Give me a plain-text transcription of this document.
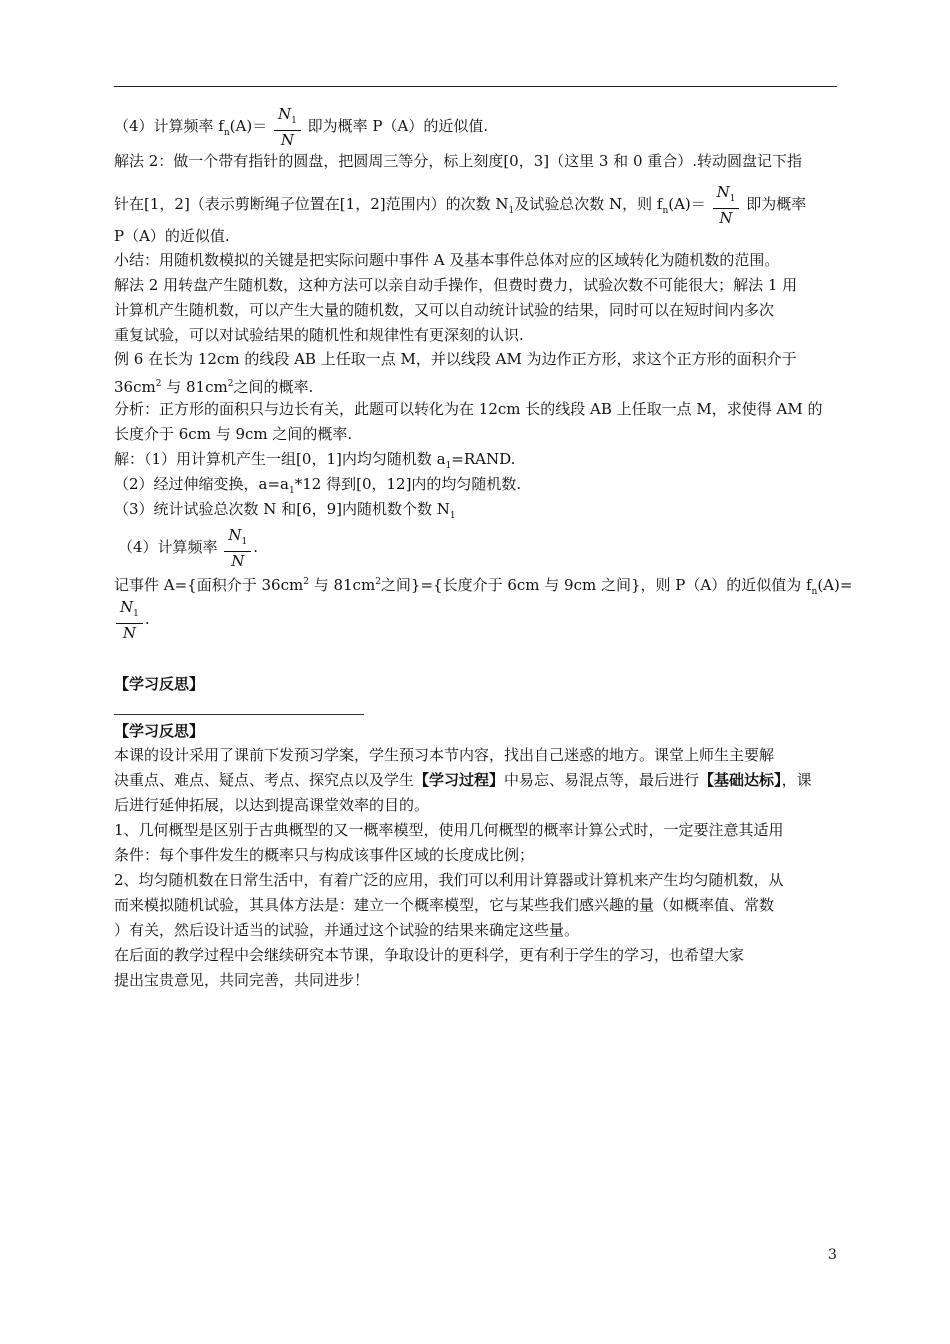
（4）计算频率 $f_n(A)= \frac{N_1}{N}$ 即为概率 P（A）的近似值.
解法 2：做一个带有指针的圆盘，把圆周三等分，标上刻度[0，3]（这里 3 和 0 重合）.转动圆盘记下指
针在[1，2]（表示剪断绳子位置在[1，2]范围内）的次数 $N_1$及试验总次数 N，则 $f_n(A)= \frac{N_1}{N}$ 即为概率
P（A）的近似值.
小结：用随机数模拟的关键是把实际问题中事件 A 及基本事件总体对应的区域转化为随机数的范围。
解法 2 用转盘产生随机数，这种方法可以亲自动手操作，但费时费力，试验次数不可能很大；解法 1 用
计算机产生随机数，可以产生大量的随机数，又可以自动统计试验的结果，同时可以在短时间内多次
重复试验，可以对试验结果的随机性和规律性有更深刻的认识.
例 6 在长为 12cm 的线段 AB 上任取一点 M，并以线段 AM 为边作正方形，求这个正方形的面积介于
$36cm^2$ 与 $81cm^2$之间的概率.
分析：正方形的面积只与边长有关，此题可以转化为在 12cm 长的线段 AB 上任取一点 M，求使得 AM 的
长度介于 6cm 与 9cm 之间的概率.
解：（1）用计算机产生一组[0，1]内均匀随机数 $a_1=RAND$.
（2）经过伸缩变换，$a=a_1*12$ 得到[0，12]内的均匀随机数.
（3）统计试验总次数 N 和[6，9]内随机数个数 $N_1$
（4）计算频率 $\frac{N_1}{N}$ .
记事件 A={面积介于 $36cm^2$ 与 $81cm^2$之间}={长度介于 6cm 与 9cm 之间}，则 P（A）的近似值为 $f_n(A)=$
$\frac{N_1}{N}$ .
【学习反思】
【学习反思】
本课的设计采用了课前下发预习学案，学生预习本节内容，找出自己迷惑的地方。课堂上师生主要解
决重点、难点、疑点、考点、探究点以及学生【学习过程】中易忘、易混点等，最后进行【基础达标】，课
后进行延伸拓展，以达到提高课堂效率的目的。
1、几何概型是区别于古典概型的又一概率模型，使用几何概型的概率计算公式时，一定要注意其适用
条件：每个事件发生的概率只与构成该事件区域的长度成比例；
2、均匀随机数在日常生活中，有着广泛的应用，我们可以利用计算器或计算机来产生均匀随机数，从
而来模拟随机试验，其具体方法是：建立一个概率模型，它与某些我们感兴趣的量（如概率值、常数
）有关，然后设计适当的试验，并通过这个试验的结果来确定这些量。
在后面的教学过程中会继续研究本节课，争取设计的更科学，更有利于学生的学习，也希望大家
提出宝贵意见，共同完善，共同进步！
3
